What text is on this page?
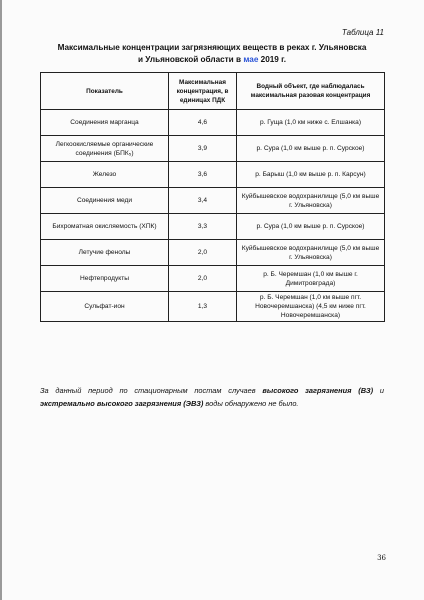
Таблица 11
Максимальные концентрации загрязняющих веществ в реках г. Ульяновска
и Ульяновской области в мае 2019 г.
Показатель	Максимальная концентрация, в единицах ПДК	Водный объект, где наблюдалась максимальная разовая концентрация
Соединения марганца	4,6	р. Гуща (1,0 км ниже с. Елшанка)
Легкоокисляемые органические соединения (БПК₅)	3,9	р. Сура (1,0 км выше р. п. Сурское)
Железо	3,6	р. Барыш (1,0 км выше р. п. Карсун)
Соединения меди	3,4	Куйбышевское водохранилище (5,0 км выше г. Ульяновска)
Бихроматная окисляемость (ХПК)	3,3	р. Сура (1,0 км выше р. п. Сурское)
Летучие фенолы	2,0	Куйбышевское водохранилище (5,0 км выше г. Ульяновска)
Нефтепродукты	2,0	р. Б. Черемшан (1,0 км выше г. Димитровграда)
Сульфат-ион	1,3	р. Б. Черемшан (1,0 км выше пгт. Новочеремшанска) (4,5 км ниже пгт. Новочеремшанска)
За данный период по стационарным постам случаев высокого загрязнения (ВЗ) и экстремально высокого загрязнения (ЭВЗ) воды обнаружено не было.
36
